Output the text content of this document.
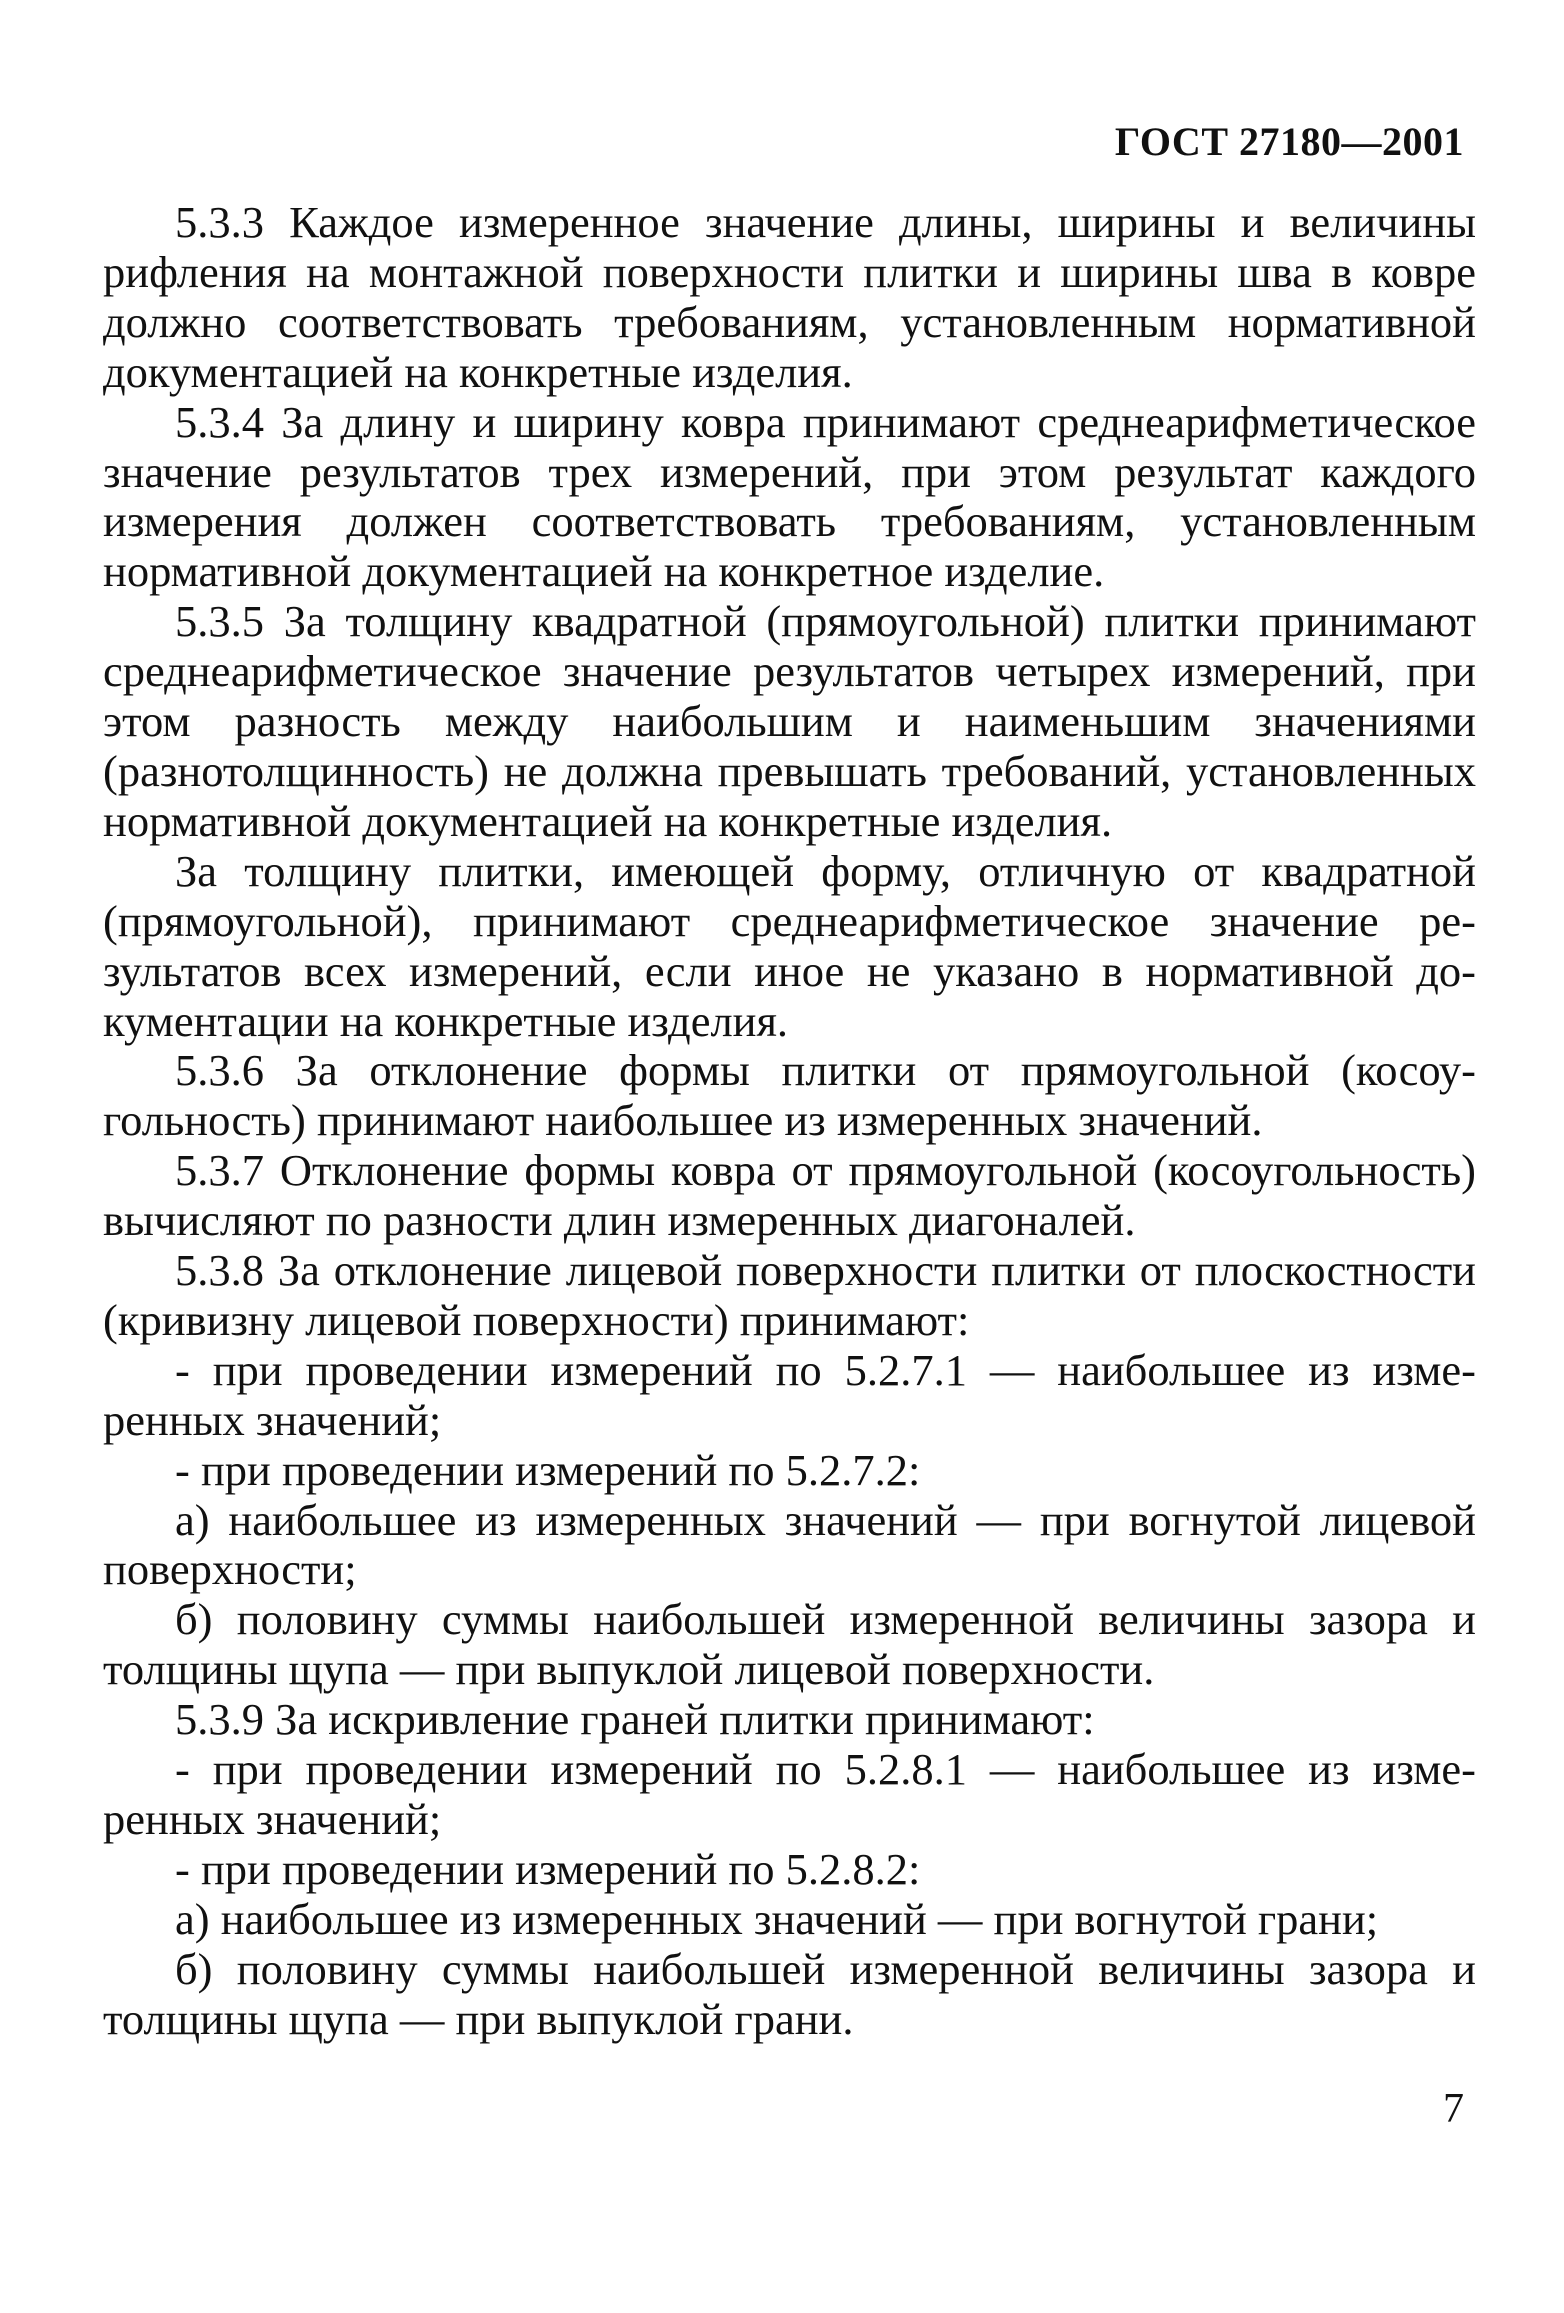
ГОСТ 27180—2001

5.3.3 Каждое измеренное значение длины, ширины и величины рифления на монтажной поверхности плитки и ширины шва в ковре должно соответствовать требованиям, установленным нормативной документацией на конкретные изделия.

5.3.4 За длину и ширину ковра принимают среднеарифметическое значение результатов трех измерений, при этом результат каждого измерения должен соответствовать требованиям, установленным нормативной документацией на конкретное изделие.

5.3.5 За толщину квадратной (прямоугольной) плитки принимают среднеарифметическое значение результатов четырех измерений, при этом разность между наибольшим и наименьшим значениями (разнотолщинность) не должна превышать требований, установленных нормативной документацией на конкретные изделия.

За толщину плитки, имеющей форму, отличную от квадратной (прямоугольной), принимают среднеарифметическое значение результатов всех измерений, если иное не указано в нормативной документации на конкретные изделия.

5.3.6 За отклонение формы плитки от прямоугольной (косоугольность) принимают наибольшее из измеренных значений.

5.3.7 Отклонение формы ковра от прямоугольной (косоугольность) вычисляют по разности длин измеренных диагоналей.

5.3.8 За отклонение лицевой поверхности плитки от плоскостности (кривизну лицевой поверхности) принимают:

- при проведении измерений по 5.2.7.1 — наибольшее из измеренных значений;

- при проведении измерений по 5.2.7.2:

а) наибольшее из измеренных значений — при вогнутой лицевой поверхности;

б) половину суммы наибольшей измеренной величины зазора и толщины щупа — при выпуклой лицевой поверхности.

5.3.9 За искривление граней плитки принимают:

- при проведении измерений по 5.2.8.1 — наибольшее из измеренных значений;

- при проведении измерений по 5.2.8.2:

а) наибольшее из измеренных значений — при вогнутой грани;

б) половину суммы наибольшей измеренной величины зазора и толщины щупа — при выпуклой грани.

7
